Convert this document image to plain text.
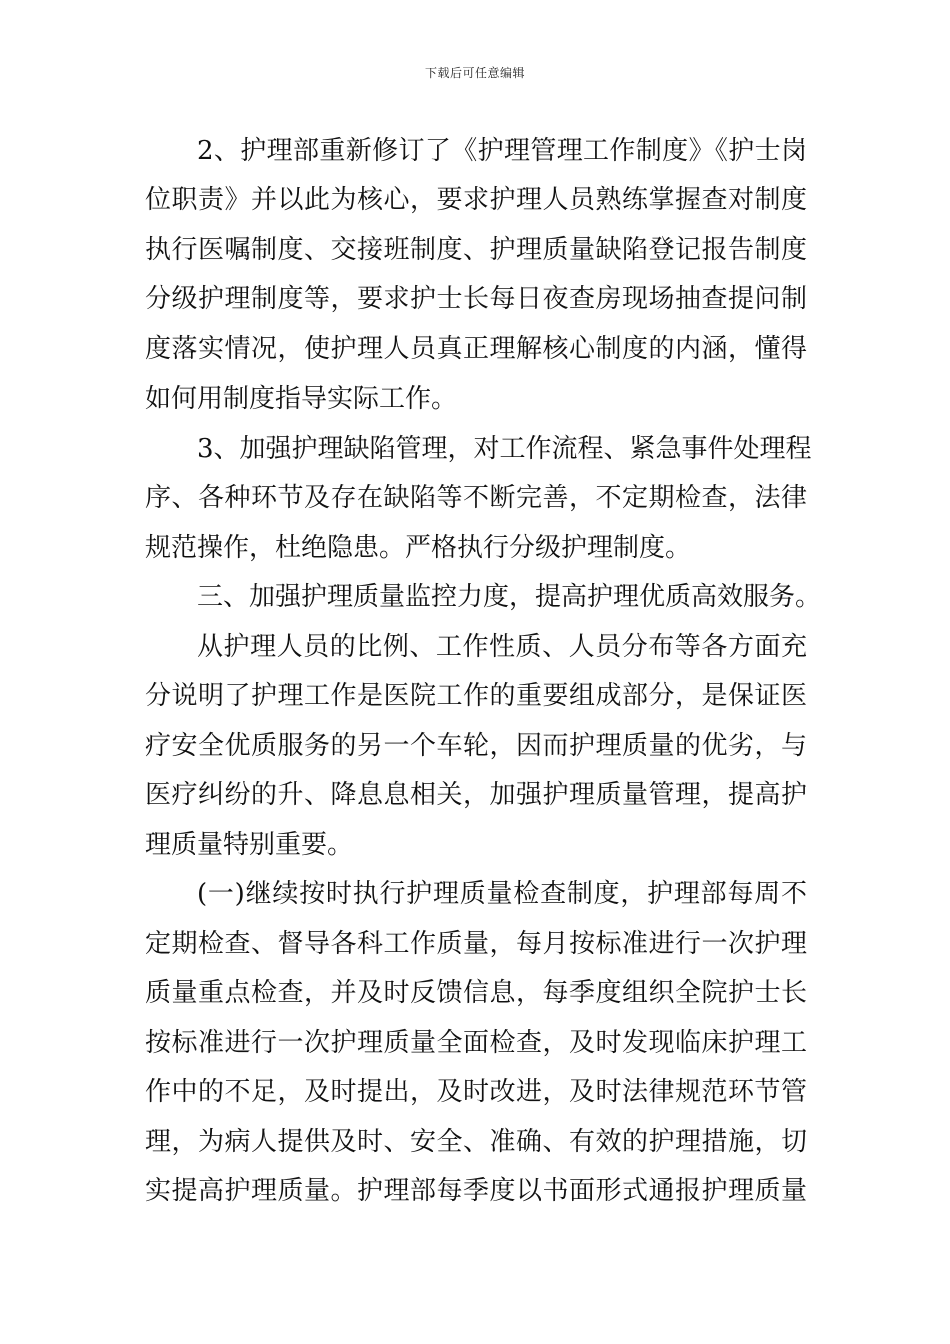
下载后可任意编辑
2、护理部重新修订了《护理管理工作制度》《护士岗
位职责》并以此为核心，要求护理人员熟练掌握查对制度
执行医嘱制度、交接班制度、护理质量缺陷登记报告制度
分级护理制度等，要求护士长每日夜查房现场抽查提问制
度落实情况，使护理人员真正理解核心制度的内涵，懂得
如何用制度指导实际工作。
3、加强护理缺陷管理，对工作流程、紧急事件处理程
序、各种环节及存在缺陷等不断完善，不定期检查，法律
规范操作，杜绝隐患。严格执行分级护理制度。
三、加强护理质量监控力度，提高护理优质高效服务。
从护理人员的比例、工作性质、人员分布等各方面充
分说明了护理工作是医院工作的重要组成部分，是保证医
疗安全优质服务的另一个车轮，因而护理质量的优劣，与
医疗纠纷的升、降息息相关，加强护理质量管理，提高护
理质量特别重要。
(一)继续按时执行护理质量检查制度，护理部每周不
定期检查、督导各科工作质量，每月按标准进行一次护理
质量重点检查，并及时反馈信息，每季度组织全院护士长
按标准进行一次护理质量全面检查，及时发现临床护理工
作中的不足，及时提出，及时改进，及时法律规范环节管
理，为病人提供及时、安全、准确、有效的护理措施，切
实提高护理质量。护理部每季度以书面形式通报护理质量
